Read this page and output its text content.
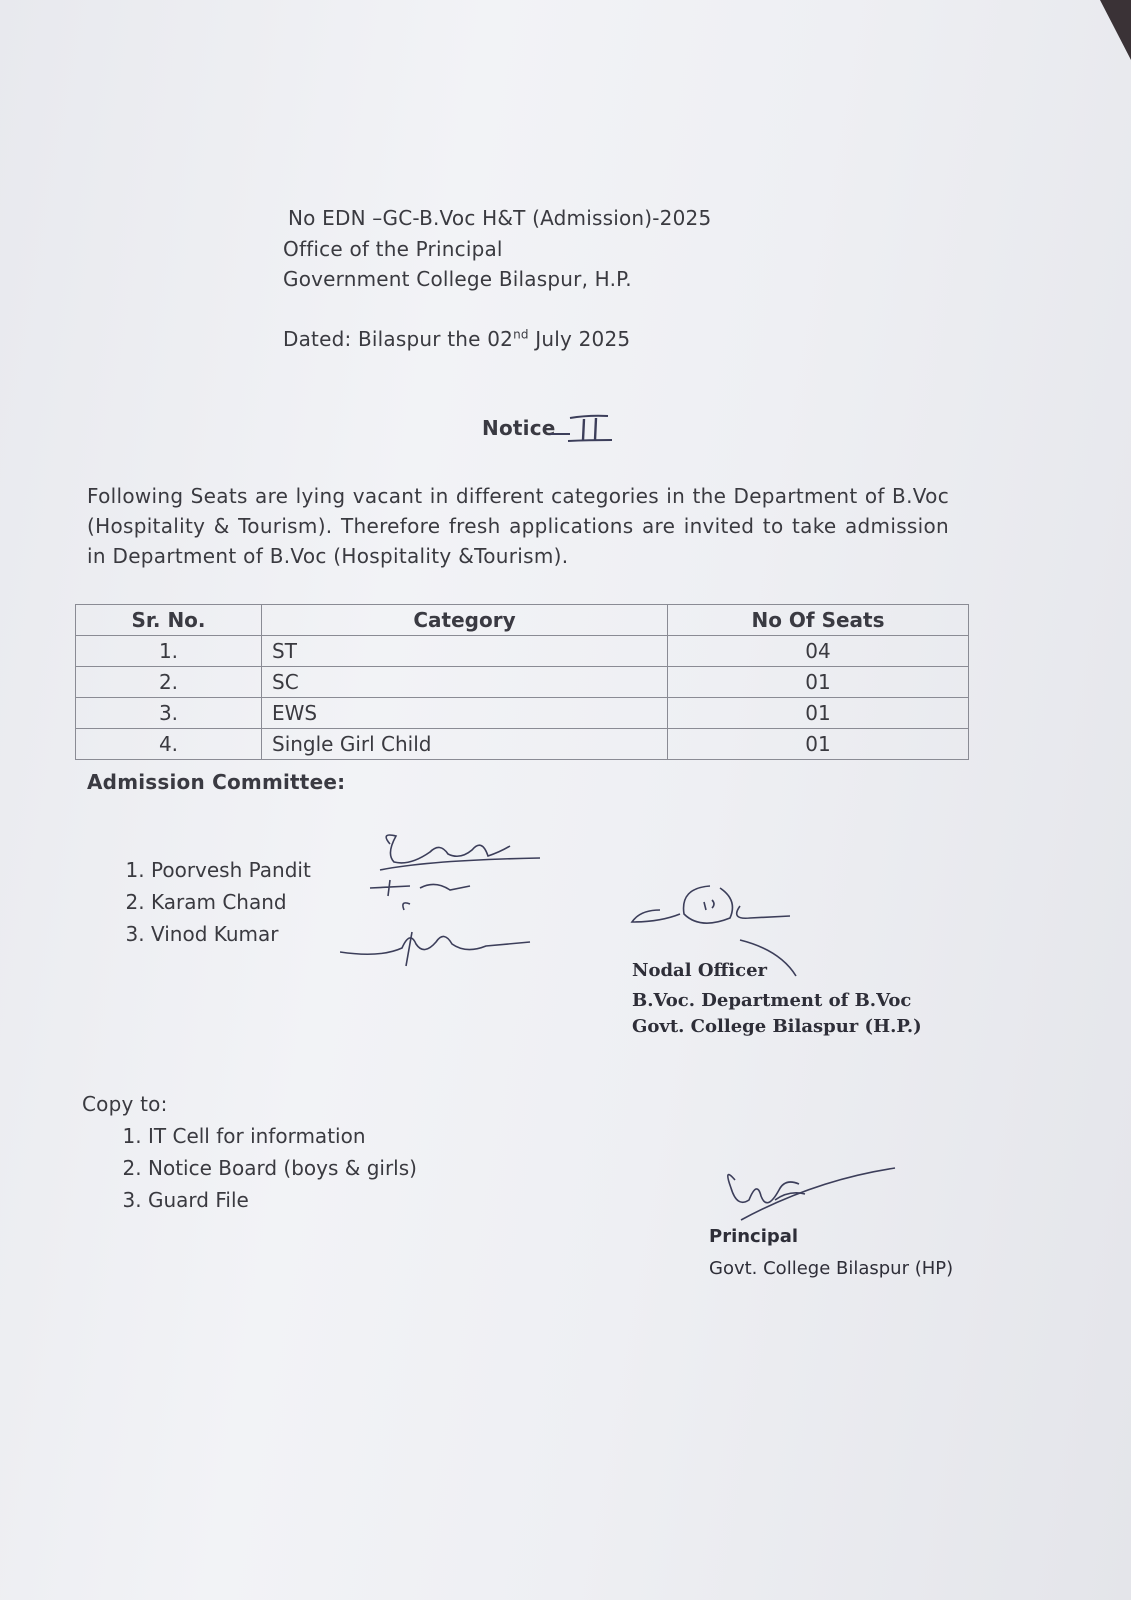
No EDN –GC-B.Voc H&T (Admission)-2025
Office of the Principal
Government College Bilaspur, H.P.
Dated: Bilaspur the 02nd July 2025
Notice
Following Seats are lying vacant in different categories in the Department of B.Voc (Hospitality & Tourism). Therefore fresh applications are invited to take admission in Department of B.Voc (Hospitality &Tourism).
Sr. No.	Category	No Of Seats
1.	ST	04
2.	SC	01
3.	EWS	01
4.	Single Girl Child	01
Admission Committee:
1. Poorvesh Pandit
2. Karam Chand
3. Vinod Kumar
Nodal Officer
B.Voc. Department of B.Voc
Govt. College Bilaspur (H.P.)
Copy to:
1. IT Cell for information
2. Notice Board (boys & girls)
3. Guard File
Principal
Govt. College Bilaspur (HP)
